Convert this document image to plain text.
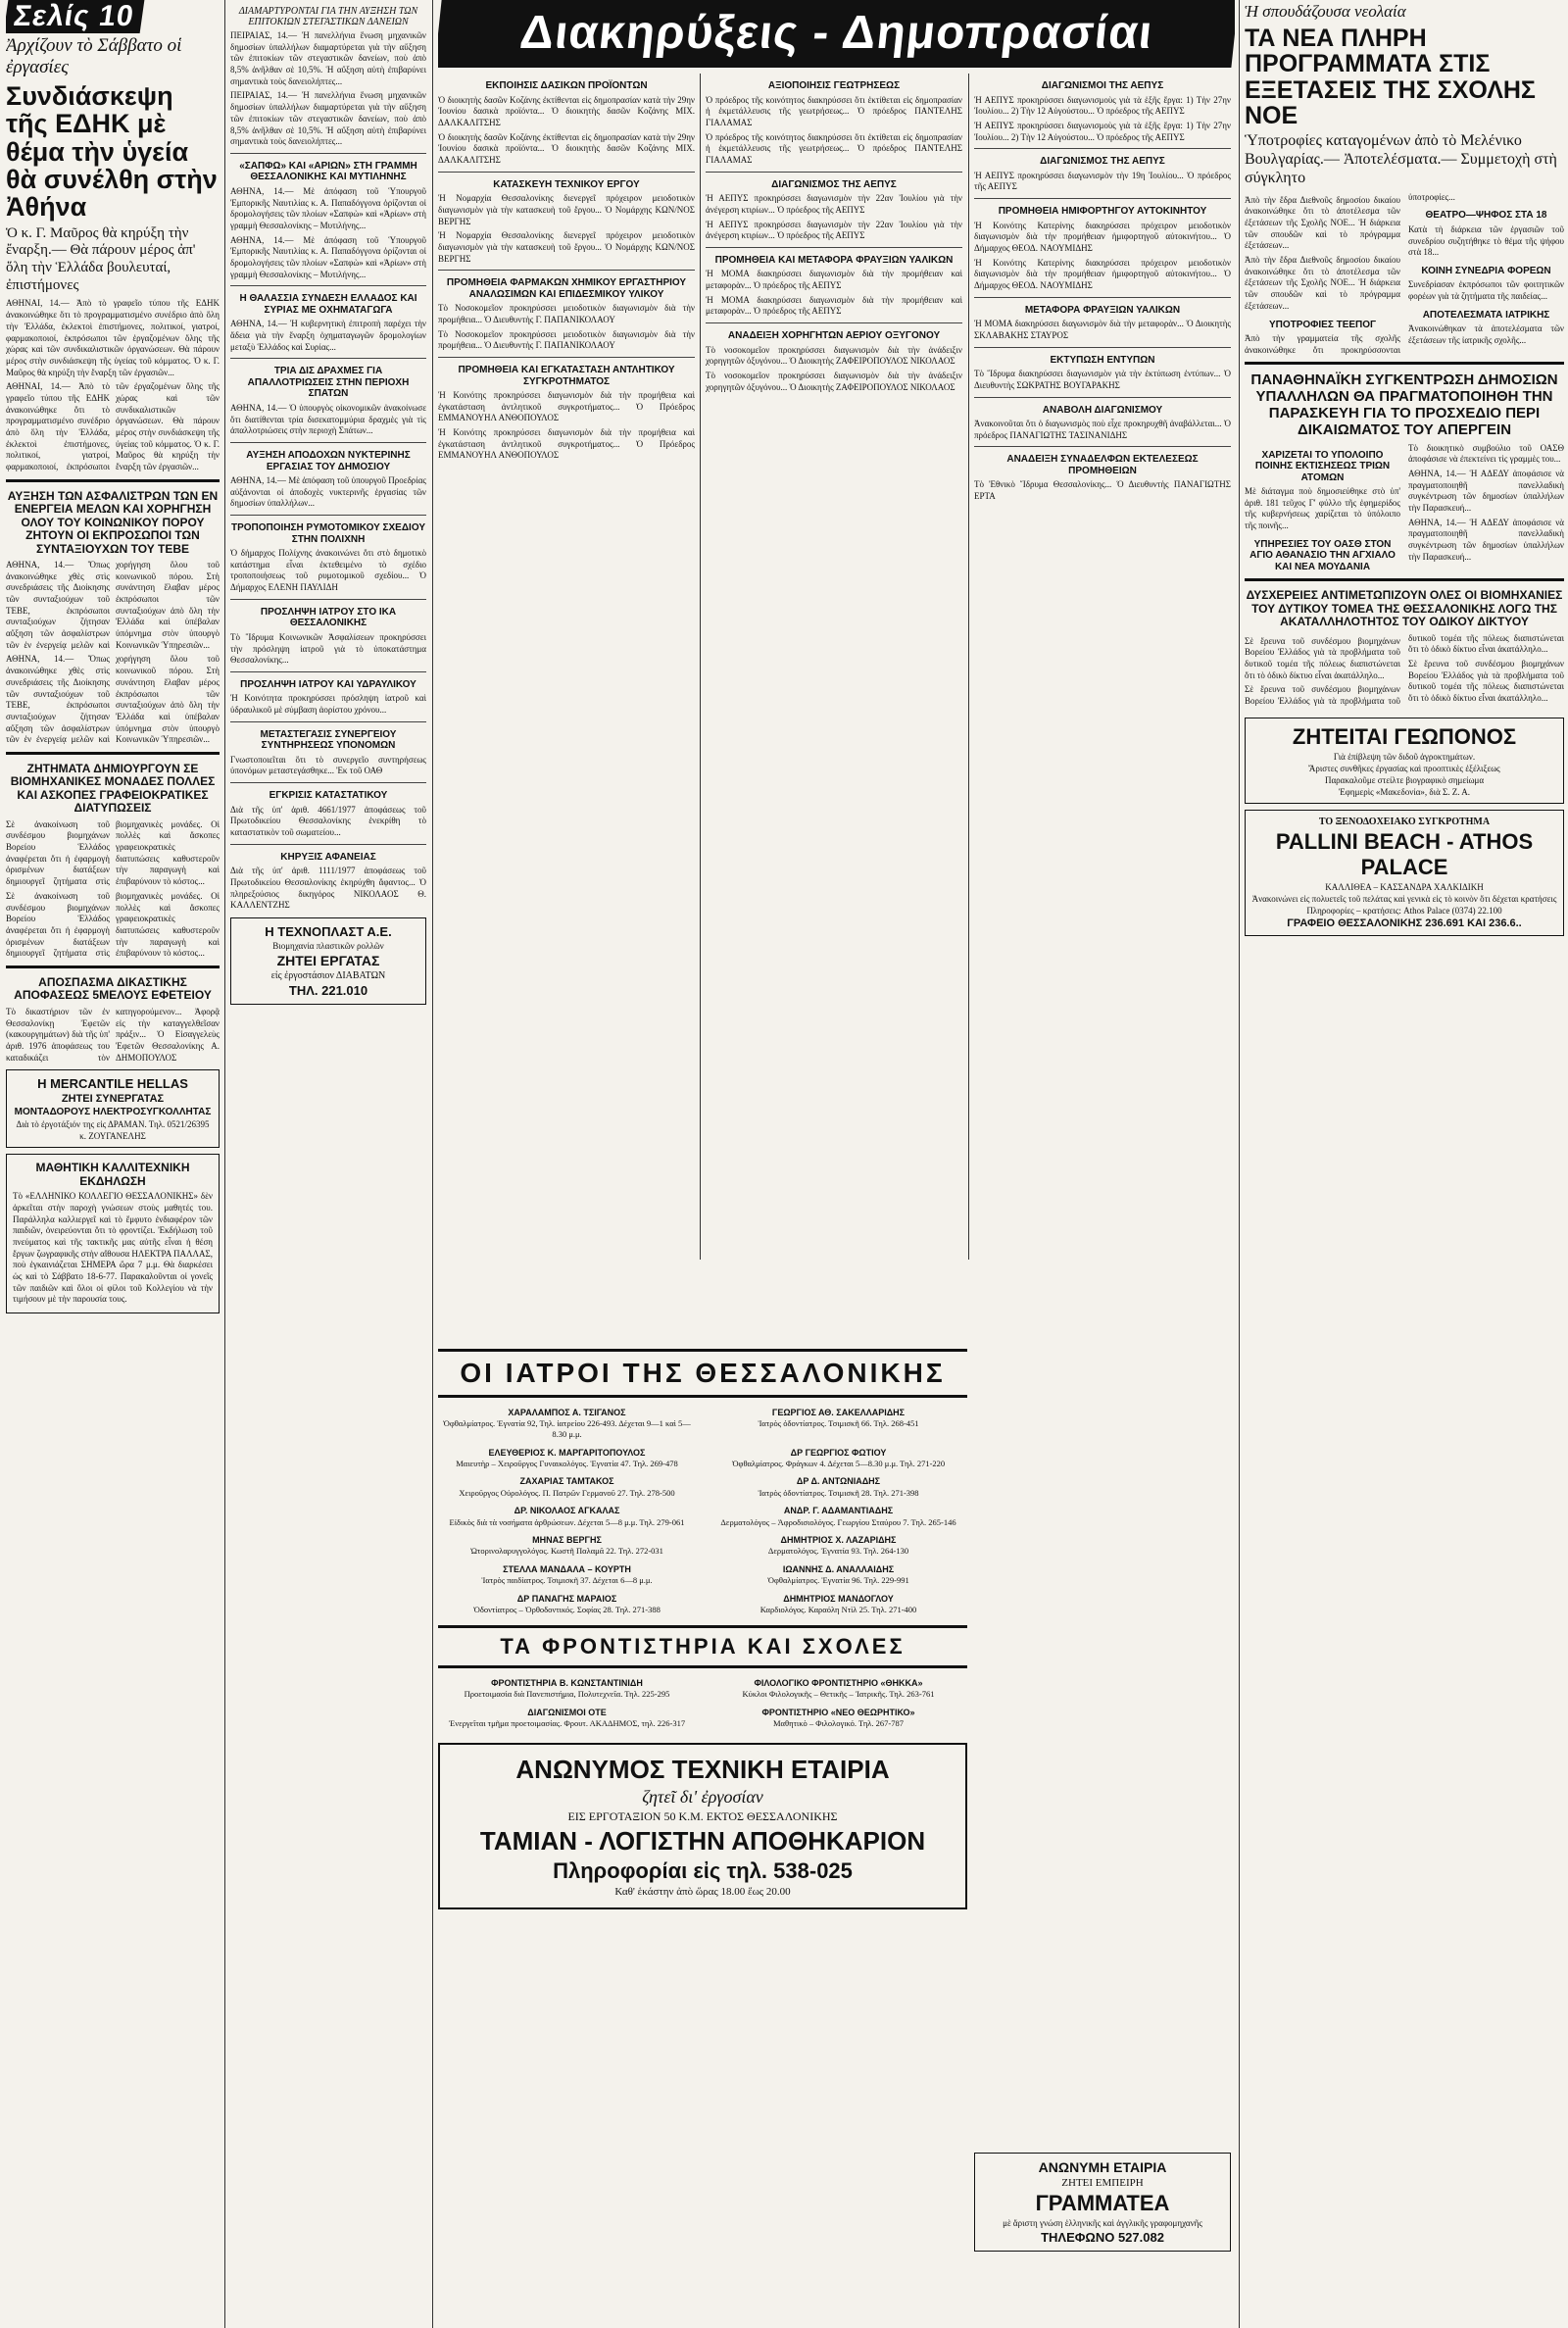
Σελίς 10
Ἀρχίζουν τὸ Σάββατο οἱ ἐργασίες
Συνδιάσκεψη τῆς ΕΔΗΚ μὲ θέμα τὴν ὑγεία θὰ συνέλθη στὴν Ἀθήνα
Ὁ κ. Γ. Μαῦρος θὰ κηρύξη τὴν ἔναρξη.— Θὰ πάρουν μέρος ἀπ' ὅλη τὴν Ἑλλάδα βουλευταί, ἐπιστήμονες
ΑΘΗΝΑΙ, 14.— Ἀπὸ τὸ γραφεῖο τύπου τῆς ΕΔΗΚ ἀνακοινώθηκε ὅτι τὸ προγραμματισμένο συνέδριο ἀπὸ ὅλη τὴν Ἑλλάδα, ἐκλεκτοὶ ἐπιστήμονες, πολιτικοί, γιατροί, φαρμακοποιοί, ἐκπρόσωποι τῶν ἐργαζομένων ὅλης τῆς χώρας καὶ τῶν συνδικαλιστικῶν ὀργανώσεων. Θὰ πάρουν μέρος στὴν συνδιάσκεψη τῆς ὑγείας τοῦ κόμματος. Ὁ κ. Γ. Μαῦρος θὰ κηρύξη τὴν ἔναρξη τῶν ἐργασιῶν...
ΑΘΗΝΑΙ, 14.— Ἀπὸ τὸ γραφεῖο τύπου τῆς ΕΔΗΚ ἀνακοινώθηκε ὅτι τὸ προγραμματισμένο συνέδριο ἀπὸ ὅλη τὴν Ἑλλάδα, ἐκλεκτοὶ ἐπιστήμονες, πολιτικοί, γιατροί, φαρμακοποιοί, ἐκπρόσωποι τῶν ἐργαζομένων ὅλης τῆς χώρας καὶ τῶν συνδικαλιστικῶν ὀργανώσεων. Θὰ πάρουν μέρος στὴν συνδιάσκεψη τῆς ὑγείας τοῦ κόμματος. Ὁ κ. Γ. Μαῦρος θὰ κηρύξη τὴν ἔναρξη τῶν ἐργασιῶν...
ΑΥΞΗΣΗ ΤΩΝ ΑΣΦΑΛΙΣΤΡΩΝ ΤΩΝ ΕΝ ΕΝΕΡΓΕΙΑ ΜΕΛΩΝ ΚΑΙ ΧΟΡΗΓΗΣΗ ΟΛΟΥ ΤΟΥ ΚΟΙΝΩΝΙΚΟΥ ΠΟΡΟΥ ΖΗΤΟΥΝ ΟΙ ΕΚΠΡΟΣΩΠΟΙ ΤΩΝ ΣΥΝΤΑΞΙΟΥΧΩΝ ΤΟΥ ΤΕΒΕ
ΑΘΗΝΑ, 14.— Ὅπως ἀνακοινώθηκε χθὲς στὶς συνεδριάσεις τῆς Διοίκησης τῶν συνταξιούχων τοῦ ΤΕΒΕ, ἐκπρόσωποι συνταξιούχων ζήτησαν αὔξηση τῶν ἀσφαλίστρων τῶν ἐν ἐνεργείᾳ μελῶν καὶ χορήγηση ὅλου τοῦ κοινωνικοῦ πόρου. Στὴ συνάντηση ἔλαβαν μέρος ἐκπρόσωποι τῶν συνταξιούχων ἀπὸ ὅλη τὴν Ἑλλάδα καὶ ὑπέβαλαν ὑπόμνημα στὸν ὑπουργὸ Κοινωνικῶν Ὑπηρεσιῶν...
ΑΘΗΝΑ, 14.— Ὅπως ἀνακοινώθηκε χθὲς στὶς συνεδριάσεις τῆς Διοίκησης τῶν συνταξιούχων τοῦ ΤΕΒΕ, ἐκπρόσωποι συνταξιούχων ζήτησαν αὔξηση τῶν ἀσφαλίστρων τῶν ἐν ἐνεργείᾳ μελῶν καὶ χορήγηση ὅλου τοῦ κοινωνικοῦ πόρου. Στὴ συνάντηση ἔλαβαν μέρος ἐκπρόσωποι τῶν συνταξιούχων ἀπὸ ὅλη τὴν Ἑλλάδα καὶ ὑπέβαλαν ὑπόμνημα στὸν ὑπουργὸ Κοινωνικῶν Ὑπηρεσιῶν...
ΖΗΤΗΜΑΤΑ ΔΗΜΙΟΥΡΓΟΥΝ ΣΕ ΒΙΟΜΗΧΑΝΙΚΕΣ ΜΟΝΑΔΕΣ ΠΟΛΛΕΣ ΚΑΙ ΑΣΚΟΠΕΣ ΓΡΑΦΕΙΟΚΡΑΤΙΚΕΣ ΔΙΑΤΥΠΩΣΕΙΣ
Σὲ ἀνακοίνωση τοῦ συνδέσμου βιομηχάνων Βορείου Ἑλλάδος ἀναφέρεται ὅτι ἡ ἐφαρμογὴ ὁρισμένων διατάξεων δημιουργεῖ ζητήματα στὶς βιομηχανικὲς μονάδες. Οἱ πολλὲς καὶ ἄσκοπες γραφειοκρατικὲς διατυπώσεις καθυστεροῦν τὴν παραγωγὴ καὶ ἐπιβαρύνουν τὸ κόστος...
Σὲ ἀνακοίνωση τοῦ συνδέσμου βιομηχάνων Βορείου Ἑλλάδος ἀναφέρεται ὅτι ἡ ἐφαρμογὴ ὁρισμένων διατάξεων δημιουργεῖ ζητήματα στὶς βιομηχανικὲς μονάδες. Οἱ πολλὲς καὶ ἄσκοπες γραφειοκρατικὲς διατυπώσεις καθυστεροῦν τὴν παραγωγὴ καὶ ἐπιβαρύνουν τὸ κόστος...
ΑΠΟΣΠΑΣΜΑ ΔΙΚΑΣΤΙΚΗΣ ΑΠΟΦΑΣΕΩΣ 5ΜΕΛΟΥΣ ΕΦΕΤΕΙΟΥ
Τὸ δικαστήριον τῶν ἐν Θεσσαλονίκῃ Ἐφετῶν (κακουργημάτων) διὰ τῆς ὑπ' ἀριθ. 1976 ἀποφάσεως του καταδικάζει τὸν κατηγορούμενον... Ἀφορᾷ εἰς τὴν καταγγελθεῖσαν πράξιν... Ὁ Εἰσαγγελεὺς Ἐφετῶν Θεσσαλονίκης Α. ΔΗΜΟΠΟΥΛΟΣ
Η MERCANTILE HELLAS
ΖΗΤΕΙ ΣΥΝΕΡΓΑΤΑΣ
ΜΟΝΤΑΔΟΡΟΥΣ ΗΛΕΚΤΡΟΣΥΓΚΟΛΛΗΤΑΣ
Διὰ τὸ ἐργοτάξιόν της εἰς ΔΡΑΜΑΝ. Τηλ. 0521/26395
κ. ΖΟΥΓΑΝΕΛΗΣ
ΜΑΘΗΤΙΚΗ ΚΑΛΛΙΤΕΧΝΙΚΗ ΕΚΔΗΛΩΣΗ
Τὸ «ΕΛΛΗΝΙΚΟ ΚΟΛΛΕΓΙΟ ΘΕΣΣΑΛΟΝΙΚΗΣ» δὲν ἀρκεῖται στὴν παροχὴ γνώσεων στοὺς μαθητές του. Παράλληλα καλλιεργεῖ καὶ τὸ ἔμφυτο ἐνδιαφέρον τῶν παιδιῶν, ὀνειρεύονται ὅτι τὸ φροντίζει. Ἐκδήλωση τοῦ πνεύματος καὶ τῆς τακτικῆς μας αὐτῆς εἶναι ἡ θέση ἔργων ζωγραφικῆς στὴν αἴθουσα ΗΛΕΚΤΡΑ ΠΑΛΛΑΣ, ποὺ ἐγκαινιάζεται ΣΗΜΕΡΑ ὥρα 7 μ.μ. Θὰ διαρκέσει ὡς καὶ τὸ Σάββατο 18-6-77. Παρακαλοῦνται οἱ γονεῖς τῶν παιδιῶν καὶ ὅλοι οἱ φίλοι τοῦ Κολλεγίου νὰ τὴν τιμήσουν μὲ τὴν παρουσία τους.
ΔΙΑΜΑΡΤΥΡΟΝΤΑΙ ΓΙΑ ΤΗΝ ΑΥΞΗΣΗ ΤΩΝ ΕΠΙΤΟΚΙΩΝ ΣΤΕΓΑΣΤΙΚΩΝ ΔΑΝΕΙΩΝ
ΠΕΙΡΑΙΑΣ, 14.— Ἡ πανελλήνια ἕνωση μηχανικῶν δημοσίων ὑπαλλήλων διαμαρτύρεται γιὰ τὴν αὔξηση τῶν ἐπιτοκίων τῶν στεγαστικῶν δανείων, ποὺ ἀπὸ 8,5% ἀνῆλθαν σὲ 10,5%. Ἡ αὔξηση αὐτὴ ἐπιβαρύνει σημαντικὰ τοὺς δανειολήπτες...
ΠΕΙΡΑΙΑΣ, 14.— Ἡ πανελλήνια ἕνωση μηχανικῶν δημοσίων ὑπαλλήλων διαμαρτύρεται γιὰ τὴν αὔξηση τῶν ἐπιτοκίων τῶν στεγαστικῶν δανείων, ποὺ ἀπὸ 8,5% ἀνῆλθαν σὲ 10,5%. Ἡ αὔξηση αὐτὴ ἐπιβαρύνει σημαντικὰ τοὺς δανειολήπτες...
«ΣΑΠΦΩ» ΚΑΙ «ΑΡΙΩΝ» ΣΤΗ ΓΡΑΜΜΗ ΘΕΣΣΑΛΟΝΙΚΗΣ ΚΑΙ ΜΥΤΙΛΗΝΗΣ
ΑΘΗΝΑ, 14.— Μὲ ἀπόφαση τοῦ Ὑπουργοῦ Ἐμπορικῆς Ναυτιλίας κ. Α. Παπαδόγγονα ὁρίζονται οἱ δρομολογήσεις τῶν πλοίων «Σαπφὼ» καὶ «Ἀρίων» στὴ γραμμὴ Θεσσαλονίκης – Μυτιλήνης...
ΑΘΗΝΑ, 14.— Μὲ ἀπόφαση τοῦ Ὑπουργοῦ Ἐμπορικῆς Ναυτιλίας κ. Α. Παπαδόγγονα ὁρίζονται οἱ δρομολογήσεις τῶν πλοίων «Σαπφὼ» καὶ «Ἀρίων» στὴ γραμμὴ Θεσσαλονίκης – Μυτιλήνης...
Η ΘΑΛΑΣΣΙΑ ΣΥΝΔΕΣΗ ΕΛΛΑΔΟΣ ΚΑΙ ΣΥΡΙΑΣ ΜΕ ΟΧΗΜΑΤΑΓΩΓΑ
ΑΘΗΝΑ, 14.— Ἡ κυβερνητικὴ ἐπιτροπὴ παρέχει τὴν ἄδεια γιὰ τὴν ἔναρξη ὀχηματαγωγῶν δρομολογίων μεταξὺ Ἑλλάδος καὶ Συρίας...
ΤΡΙΑ ΔΙΣ ΔΡΑΧΜΕΣ ΓΙΑ ΑΠΑΛΛΟΤΡΙΩΣΕΙΣ ΣΤΗΝ ΠΕΡΙΟΧΗ ΣΠΑΤΩΝ
ΑΘΗΝΑ, 14.— Ὁ ὑπουργὸς οἰκονομικῶν ἀνακοίνωσε ὅτι διατίθενται τρία δισεκατομμύρια δραχμὲς γιὰ τὶς ἀπαλλοτριώσεις στὴν περιοχὴ Σπάτων...
ΑΥΞΗΣΗ ΑΠΟΔΟΧΩΝ ΝΥΚΤΕΡΙΝΗΣ ΕΡΓΑΣΙΑΣ ΤΟΥ ΔΗΜΟΣΙΟΥ
ΑΘΗΝΑ, 14.— Μὲ ἀπόφαση τοῦ ὑπουργοῦ Προεδρίας αὐξάνονται οἱ ἀποδοχὲς νυκτερινῆς ἐργασίας τῶν δημοσίων ὑπαλλήλων...
ΤΡΟΠΟΠΟΙΗΣΗ ΡΥΜΟΤΟΜΙΚΟΥ ΣΧΕΔΙΟΥ ΣΤΗΝ ΠΟΛΙΧΝΗ
Ὁ δήμαρχος Πολίχνης ἀνακοινώνει ὅτι στὸ δημοτικὸ κατάστημα εἶναι ἐκτεθειμένο τὸ σχέδιο τροποποιήσεως τοῦ ρυμοτομικοῦ σχεδίου... Ὁ Δήμαρχος ΕΛΕΝΗ ΠΑΥΛΙΔΗ
ΠΡΟΣΛΗΨΗ ΙΑΤΡΟΥ ΣΤΟ ΙΚΑ ΘΕΣΣΑΛΟΝΙΚΗΣ
Τὸ Ἵδρυμα Κοινωνικῶν Ἀσφαλίσεων προκηρύσσει τὴν πρόσληψη ἰατροῦ γιὰ τὸ ὑποκατάστημα Θεσσαλονίκης...
ΠΡΟΣΛΗΨΗ ΙΑΤΡΟΥ ΚΑΙ ΥΔΡΑΥΛΙΚΟΥ
Ἡ Κοινότητα προκηρύσσει πρόσληψη ἰατροῦ καὶ ὑδραυλικοῦ μὲ σύμβαση ἀορίστου χρόνου...
ΜΕΤΑΣΤΕΓΑΣΙΣ ΣΥΝΕΡΓΕΙΟΥ ΣΥΝΤΗΡΗΣΕΩΣ ΥΠΟΝΟΜΩΝ
Γνωστοποιεῖται ὅτι τὸ συνεργεῖο συντηρήσεως ὑπονόμων μεταστεγάσθηκε... Ἐκ τοῦ ΟΑΘ
ΕΓΚΡΙΣΙΣ ΚΑΤΑΣΤΑΤΙΚΟΥ
Διὰ τῆς ὑπ' ἀριθ. 4661/1977 ἀποφάσεως τοῦ Πρωτοδικείου Θεσσαλονίκης ἐνεκρίθη τὸ καταστατικὸν τοῦ σωματείου...
ΚΗΡΥΞΙΣ ΑΦΑΝΕΙΑΣ
Διὰ τῆς ὑπ' ἀριθ. 1111/1977 ἀποφάσεως τοῦ Πρωτοδικείου Θεσσαλονίκης ἐκηρύχθη ἄφαντος... Ὁ πληρεξούσιος δικηγόρος ΝΙΚΟΛΑΟΣ Θ. ΚΑΛΛΕΝΤΖΗΣ
Η ΤΕΧΝΟΠΛΑΣΤ Α.Ε.
Βιομηχανία πλαστικῶν ρολλῶν
ΖΗΤΕΙ ΕΡΓΑΤΑΣ
εἰς ἐργοστάσιον ΔΙΑΒΑΤΩΝ
ΤΗΛ. 221.010
Διακηρύξεις - Δημοπρασίαι
ΕΚΠΟΙΗΣΙΣ ΔΑΣΙΚΩΝ ΠΡΟΪΟΝΤΩΝ
Ὁ διοικητὴς δασῶν Κοζάνης ἐκτίθενται εἰς δημοπρασίαν κατὰ τὴν 29ην Ἰουνίου δασικὰ προϊόντα... Ὁ διοικητὴς δασῶν Κοζάνης ΜΙΧ. ΔΑΛΚΑΛΙΤΣΗΣ
Ὁ διοικητὴς δασῶν Κοζάνης ἐκτίθενται εἰς δημοπρασίαν κατὰ τὴν 29ην Ἰουνίου δασικὰ προϊόντα... Ὁ διοικητὴς δασῶν Κοζάνης ΜΙΧ. ΔΑΛΚΑΛΙΤΣΗΣ
ΚΑΤΑΣΚΕΥΗ ΤΕΧΝΙΚΟΥ ΕΡΓΟΥ
Ἡ Νομαρχία Θεσσαλονίκης διενεργεῖ πρόχειρον μειοδοτικὸν διαγωνισμὸν γιὰ τὴν κατασκευὴ τοῦ ἔργου... Ὁ Νομάρχης ΚΩΝ/ΝΟΣ ΒΕΡΓΗΣ
Ἡ Νομαρχία Θεσσαλονίκης διενεργεῖ πρόχειρον μειοδοτικὸν διαγωνισμὸν γιὰ τὴν κατασκευὴ τοῦ ἔργου... Ὁ Νομάρχης ΚΩΝ/ΝΟΣ ΒΕΡΓΗΣ
ΠΡΟΜΗΘΕΙΑ ΦΑΡΜΑΚΩΝ ΧΗΜΙΚΟΥ ΕΡΓΑΣΤΗΡΙΟΥ ΑΝΑΛΩΣΙΜΩΝ ΚΑΙ ΕΠΙΔΕΣΜΙΚΟΥ ΥΛΙΚΟΥ
Τὸ Νοσοκομεῖον προκηρύσσει μειοδοτικὸν διαγωνισμὸν διὰ τὴν προμήθεια... Ὁ Διευθυντὴς Γ. ΠΑΠΑΝΙΚΟΛΑΟΥ
Τὸ Νοσοκομεῖον προκηρύσσει μειοδοτικὸν διαγωνισμὸν διὰ τὴν προμήθεια... Ὁ Διευθυντὴς Γ. ΠΑΠΑΝΙΚΟΛΑΟΥ
ΠΡΟΜΗΘΕΙΑ ΚΑΙ ΕΓΚΑΤΑΣΤΑΣΗ ΑΝΤΛΗΤΙΚΟΥ ΣΥΓΚΡΟΤΗΜΑΤΟΣ
Ἡ Κοινότης προκηρύσσει διαγωνισμὸν διὰ τὴν προμήθεια καὶ ἐγκατάσταση ἀντλητικοῦ συγκροτήματος... Ὁ Πρόεδρος ΕΜΜΑΝΟΥΗΛ ΑΝΘΟΠΟΥΛΟΣ
Ἡ Κοινότης προκηρύσσει διαγωνισμὸν διὰ τὴν προμήθεια καὶ ἐγκατάσταση ἀντλητικοῦ συγκροτήματος... Ὁ Πρόεδρος ΕΜΜΑΝΟΥΗΛ ΑΝΘΟΠΟΥΛΟΣ
ΑΞΙΟΠΟΙΗΣΙΣ ΓΕΩΤΡΗΣΕΩΣ
Ὁ πρόεδρος τῆς κοινότητος διακηρύσσει ὅτι ἐκτίθεται εἰς δημοπρασίαν ἡ ἐκμετάλλευσις τῆς γεωτρήσεως... Ὁ πρόεδρος ΠΑΝΤΕΛΗΣ ΓΙΑΛΑΜΑΣ
Ὁ πρόεδρος τῆς κοινότητος διακηρύσσει ὅτι ἐκτίθεται εἰς δημοπρασίαν ἡ ἐκμετάλλευσις τῆς γεωτρήσεως... Ὁ πρόεδρος ΠΑΝΤΕΛΗΣ ΓΙΑΛΑΜΑΣ
ΔΙΑΓΩΝΙΣΜΟΣ ΤΗΣ ΑΕΠΥΣ
Ἡ ΑΕΠΥΣ προκηρύσσει διαγωνισμὸν τὴν 22αν Ἰουλίου γιὰ τὴν ἀνέγερση κτιρίων... Ὁ πρόεδρος τῆς ΑΕΠΥΣ
Ἡ ΑΕΠΥΣ προκηρύσσει διαγωνισμὸν τὴν 22αν Ἰουλίου γιὰ τὴν ἀνέγερση κτιρίων... Ὁ πρόεδρος τῆς ΑΕΠΥΣ
ΠΡΟΜΗΘΕΙΑ ΚΑΙ ΜΕΤΑΦΟΡΑ ΦΡΑΥΞΙΩΝ ΥΑΛΙΚΩΝ
Ἡ ΜΟΜΑ διακηρύσσει διαγωνισμὸν διὰ τὴν προμήθειαν καὶ μεταφορὰν... Ὁ πρόεδρος τῆς ΑΕΠΥΣ
Ἡ ΜΟΜΑ διακηρύσσει διαγωνισμὸν διὰ τὴν προμήθειαν καὶ μεταφορὰν... Ὁ πρόεδρος τῆς ΑΕΠΥΣ
ΑΝΑΔΕΙΞΗ ΧΟΡΗΓΗΤΩΝ ΑΕΡΙΟΥ ΟΞΥΓΟΝΟΥ
Τὸ νοσοκομεῖον προκηρύσσει διαγωνισμὸν διὰ τὴν ἀνάδειξιν χορηγητῶν ὀξυγόνου... Ὁ Διοικητὴς ΖΑΦΕΙΡΟΠΟΥΛΟΣ ΝΙΚΟΛΑΟΣ
Τὸ νοσοκομεῖον προκηρύσσει διαγωνισμὸν διὰ τὴν ἀνάδειξιν χορηγητῶν ὀξυγόνου... Ὁ Διοικητὴς ΖΑΦΕΙΡΟΠΟΥΛΟΣ ΝΙΚΟΛΑΟΣ
ΔΙΑΓΩΝΙΣΜΟΙ ΤΗΣ ΑΕΠΥΣ
Ἡ ΑΕΠΥΣ προκηρύσσει διαγωνισμοὺς γιὰ τὰ ἑξῆς ἔργα: 1) Τὴν 27ην Ἰουλίου... 2) Τὴν 12 Αὐγούστου... Ὁ πρόεδρος τῆς ΑΕΠΥΣ
Ἡ ΑΕΠΥΣ προκηρύσσει διαγωνισμοὺς γιὰ τὰ ἑξῆς ἔργα: 1) Τὴν 27ην Ἰουλίου... 2) Τὴν 12 Αὐγούστου... Ὁ πρόεδρος τῆς ΑΕΠΥΣ
ΔΙΑΓΩΝΙΣΜΟΣ ΤΗΣ ΑΕΠΥΣ
Ἡ ΑΕΠΥΣ προκηρύσσει διαγωνισμὸν τὴν 19η Ἰουλίου... Ὁ πρόεδρος τῆς ΑΕΠΥΣ
ΠΡΟΜΗΘΕΙΑ ΗΜΙΦΟΡΤΗΓΟΥ ΑΥΤΟΚΙΝΗΤΟΥ
Ἡ Κοινότης Κατερίνης διακηρύσσει πρόχειρον μειοδοτικὸν διαγωνισμὸν διὰ τὴν προμήθειαν ἡμιφορτηγοῦ αὐτοκινήτου... Ὁ Δήμαρχος ΘΕΟΔ. ΝΑΟΥΜΙΔΗΣ
Ἡ Κοινότης Κατερίνης διακηρύσσει πρόχειρον μειοδοτικὸν διαγωνισμὸν διὰ τὴν προμήθειαν ἡμιφορτηγοῦ αὐτοκινήτου... Ὁ Δήμαρχος ΘΕΟΔ. ΝΑΟΥΜΙΔΗΣ
ΜΕΤΑΦΟΡΑ ΦΡΑΥΞΙΩΝ ΥΑΛΙΚΩΝ
Ἡ ΜΟΜΑ διακηρύσσει διαγωνισμὸν διὰ τὴν μεταφορὰν... Ὁ Διοικητὴς ΣΚΛΑΒΑΚΗΣ ΣΤΑΥΡΟΣ
ΕΚΤΥΠΩΣΗ ΕΝΤΥΠΩΝ
Τὸ Ἵδρυμα διακηρύσσει διαγωνισμὸν γιὰ τὴν ἐκτύπωση ἐντύπων... Ὁ Διευθυντὴς ΣΩΚΡΑΤΗΣ ΒΟΥΓΑΡΑΚΗΣ
ΑΝΑΒΟΛΗ ΔΙΑΓΩΝΙΣΜΟΥ
Ἀνακοινοῦται ὅτι ὁ διαγωνισμὸς ποὺ εἶχε προκηρυχθῆ ἀναβάλλεται... Ὁ πρόεδρος ΠΑΝΑΓΙΩΤΗΣ ΤΑΣΙΝΑΝΙΔΗΣ
ΑΝΑΔΕΙΞΗ ΣΥΝΑΔΕΛΦΩΝ ΕΚΤΕΛΕΣΕΩΣ ΠΡΟΜΗΘΕΙΩΝ
Τὸ Ἐθνικὸ Ἵδρυμα Θεσσαλονίκης... Ὁ Διευθυντὴς ΠΑΝΑΓΙΩΤΗΣ ΕΡΤΑ
ΟΙ ΙΑΤΡΟΙ ΤΗΣ ΘΕΣΣΑΛΟΝΙΚΗΣ
ΧΑΡΑΛΑΜΠΟΣ Α. ΤΣΙΓΑΝΟΣ
Ὀφθαλμίατρος. Ἐγνατία 92, Τηλ. ἰατρείου 226-493. Δέχεται 9—1 καὶ 5—8.30 μ.μ.
ΓΕΩΡΓΙΟΣ ΑΘ. ΣΑΚΕΛΛΑΡΙΔΗΣ
Ἰατρὸς ὀδοντίατρος. Τσιμισκῆ 66. Τηλ. 268-451
ΕΛΕΥΘΕΡΙΟΣ Κ. ΜΑΡΓΑΡΙΤΟΠΟΥΛΟΣ
Μαιευτὴρ – Χειροῦργος Γυναικολόγος. Ἐγνατία 47. Τηλ. 269-478
ΔΡ ΓΕΩΡΓΙΟΣ ΦΩΤΙΟΥ
Ὀφθαλμίατρος. Φράγκων 4. Δέχεται 5—8.30 μ.μ. Τηλ. 271-220
ΖΑΧΑΡΙΑΣ ΤΑΜΤΑΚΟΣ
Χειροῦργος Οὐρολόγος. Π. Πατρῶν Γερμανοῦ 27. Τηλ. 278-500
ΔΡ Δ. ΑΝΤΩΝΙΑΔΗΣ
Ἰατρὸς ὀδοντίατρος. Τσιμισκῆ 28. Τηλ. 271-398
ΔΡ. ΝΙΚΟΛΑΟΣ ΑΓΚΑΛΑΣ
Εἰδικὸς διὰ τὰ νοσήματα ἀρθρώσεων. Δέχεται 5—8 μ.μ. Τηλ. 279-061
ΑΝΔΡ. Γ. ΑΔΑΜΑΝΤΙΑΔΗΣ
Δερματολόγος – Ἀφροδισιολόγος. Γεωργίου Σταύρου 7. Τηλ. 265-146
ΜΗΝΑΣ ΒΕΡΓΗΣ
Ὠτορινολαρυγγολόγος. Κωστῆ Παλαμᾶ 22. Τηλ. 272-031
ΔΗΜΗΤΡΙΟΣ Χ. ΛΑΖΑΡΙΔΗΣ
Δερματολόγος. Ἐγνατία 93. Τηλ. 264-130
ΣΤΕΛΛΑ ΜΑΝΔΑΛΑ – ΚΟΥΡΤΗ
Ἰατρὸς παιδίατρος. Τσιμισκῆ 37. Δέχεται 6—8 μ.μ.
ΙΩΑΝΝΗΣ Δ. ΑΝΑΛΛΑΙΔΗΣ
Ὀφθαλμίατρος. Ἐγνατία 96. Τηλ. 229-991
ΔΡ ΠΑΝΑΓΗΣ ΜΑΡΑΙΟΣ
Ὀδοντίατρος – Ὀρθοδοντικός. Σοφίας 28. Τηλ. 271-388
ΔΗΜΗΤΡΙΟΣ ΜΑΝΔΟΓΛΟΥ
Καρδιολόγος. Καραόλη Ντὶλ 25. Τηλ. 271-400
ΤΑ ΦΡΟΝΤΙΣΤΗΡΙΑ ΚΑΙ ΣΧΟΛΕΣ
ΦΡΟΝΤΙΣΤΗΡΙΑ Β. ΚΩΝΣΤΑΝΤΙΝΙΔΗ
Προετοιμασία διὰ Πανεπιστήμια, Πολυτεχνεῖα. Τηλ. 225-295
ΦΙΛΟΛΟΓΙΚΟ ΦΡΟΝΤΙΣΤΗΡΙΟ «ΘΗΚΚΑ»
Κύκλοι Φιλολογικῆς – Θετικῆς – Ἰατρικῆς. Τηλ. 263-761
ΔΙΑΓΩΝΙΣΜΟΙ ΟΤΕ
Ἐνεργεῖται τμῆμα προετοιμασίας. Φρουτ. ΑΚΑΔΗΜΟΣ, τηλ. 226-317
ΦΡΟΝΤΙΣΤΗΡΙΟ «ΝΕΟ ΘΕΩΡΗΤΙΚΟ»
Μαθητικὸ – Φιλολογικό. Τηλ. 267-787
ΑΝΩΝΥΜΟΣ ΤΕΧΝΙΚΗ ΕΤΑΙΡΙΑ
ζητεῖ δι' ἐργοσίαν
ΕΙΣ ΕΡΓΟΤΑΞΙΟΝ 50 Κ.Μ. ΕΚΤΟΣ ΘΕΣΣΑΛΟΝΙΚΗΣ
ΤΑΜΙΑΝ - ΛΟΓΙΣΤΗΝ ΑΠΟΘΗΚΑΡΙΟΝ
Πληροφορίαι εἰς τηλ. 538-025
Καθ' ἑκάστην ἀπὸ ὥρας 18.00 ἕως 20.00
ΑΝΩΝΥΜΗ ΕΤΑΙΡΙΑ
ΖΗΤΕΙ ΕΜΠΕΙΡΗ
ΓΡΑΜΜΑΤΕΑ
μὲ ἄριστη γνώση ἑλληνικῆς καὶ ἀγγλικῆς γραφομηχανῆς
ΤΗΛΕΦΩΝΟ 527.082
Ἡ σπουδάζουσα νεολαία
ΤΑ ΝΕΑ ΠΛΗΡΗ ΠΡΟΓΡΑΜΜΑΤΑ ΣΤΙΣ ΕΞΕΤΑΣΕΙΣ ΤΗΣ ΣΧΟΛΗΣ ΝΟΕ
Ὑποτροφίες καταγομένων ἀπὸ τὸ Μελένικο Βουλγαρίας.— Ἀποτελέσματα.— Συμμετοχὴ στὴ σύγκλητο
Ἀπὸ τὴν ἕδρα Διεθνοῦς δημοσίου δικαίου ἀνακοινώθηκε ὅτι τὸ ἀποτέλεσμα τῶν ἐξετάσεων τῆς Σχολῆς ΝΟΕ... Ἡ διάρκεια τῶν σπουδῶν καὶ τὸ πρόγραμμα ἐξετάσεων...
Ἀπὸ τὴν ἕδρα Διεθνοῦς δημοσίου δικαίου ἀνακοινώθηκε ὅτι τὸ ἀποτέλεσμα τῶν ἐξετάσεων τῆς Σχολῆς ΝΟΕ... Ἡ διάρκεια τῶν σπουδῶν καὶ τὸ πρόγραμμα ἐξετάσεων...
ΥΠΟΤΡΟΦΙΕΣ ΤΕΕΠΟΓ
Ἀπὸ τὴν γραμματεία τῆς σχολῆς ἀνακοινώθηκε ὅτι προκηρύσσονται ὑποτροφίες...
ΘΕΑΤΡΟ—ΨΗΦΟΣ ΣΤΑ 18
Κατὰ τὴ διάρκεια τῶν ἐργασιῶν τοῦ συνεδρίου συζητήθηκε τὸ θέμα τῆς ψήφου στὰ 18...
ΚΟΙΝΗ ΣΥΝΕΔΡΙΑ ΦΟΡΕΩΝ
Συνεδρίασαν ἐκπρόσωποι τῶν φοιτητικῶν φορέων γιὰ τὰ ζητήματα τῆς παιδείας...
ΑΠΟΤΕΛΕΣΜΑΤΑ ΙΑΤΡΙΚΗΣ
Ἀνακοινώθηκαν τὰ ἀποτελέσματα τῶν ἐξετάσεων τῆς ἰατρικῆς σχολῆς...
ΠΑΝΑΘΗΝΑΪΚΗ ΣΥΓΚΕΝΤΡΩΣΗ ΔΗΜΟΣΙΩΝ ΥΠΑΛΛΗΛΩΝ ΘΑ ΠΡΑΓΜΑΤΟΠΟΙΗΘΗ ΤΗΝ ΠΑΡΑΣΚΕΥΗ ΓΙΑ ΤΟ ΠΡΟΣΧΕΔΙΟ ΠΕΡΙ ΔΙΚΑΙΩΜΑΤΟΣ ΤΟΥ ΑΠΕΡΓΕΙΝ
ΧΑΡΙΖΕΤΑΙ ΤΟ ΥΠΟΛΟΙΠΟ ΠΟΙΝΗΣ ΕΚΤΙΣΗΣΕΩΣ ΤΡΙΩΝ ΑΤΟΜΩΝ
Μὲ διάταγμα ποὺ δημοσιεύθηκε στὸ ὑπ' ἀριθ. 181 τεῦχος Γ' φύλλο τῆς ἐφημερίδος τῆς κυβερνήσεως χαρίζεται τὸ ὑπόλοιπο τῆς ποινῆς...
ΥΠΗΡΕΣΙΕΣ ΤΟΥ ΟΑΣΘ ΣΤΟΝ ΑΓΙΟ ΑΘΑΝΑΣΙΟ ΤΗΝ ΑΓΧΙΑΛΟ ΚΑΙ ΝΕΑ ΜΟΥΔΑΝΙΑ
Τὸ διοικητικὸ συμβούλιο τοῦ ΟΑΣΘ ἀποφάσισε νὰ ἐπεκτείνει τὶς γραμμὲς του...
ΑΘΗΝΑ, 14.— Ἡ ΑΔΕΔΥ ἀποφάσισε νὰ πραγματοποιηθῆ πανελλαδικὴ συγκέντρωση τῶν δημοσίων ὑπαλλήλων τὴν Παρασκευή...
ΑΘΗΝΑ, 14.— Ἡ ΑΔΕΔΥ ἀποφάσισε νὰ πραγματοποιηθῆ πανελλαδικὴ συγκέντρωση τῶν δημοσίων ὑπαλλήλων τὴν Παρασκευή...
ΔΥΣΧΕΡΕΙΕΣ ΑΝΤΙΜΕΤΩΠΙΖΟΥΝ ΟΛΕΣ ΟΙ ΒΙΟΜΗΧΑΝΙΕΣ ΤΟΥ ΔΥΤΙΚΟΥ ΤΟΜΕΑ ΤΗΣ ΘΕΣΣΑΛΟΝΙΚΗΣ ΛΟΓΩ ΤΗΣ ΑΚΑΤΑΛΛΗΛΟΤΗΤΟΣ ΤΟΥ ΟΔΙΚΟΥ ΔΙΚΤΥΟΥ
Σὲ ἔρευνα τοῦ συνδέσμου βιομηχάνων Βορείου Ἑλλάδος γιὰ τὰ προβλήματα τοῦ δυτικοῦ τομέα τῆς πόλεως διαπιστώνεται ὅτι τὸ ὁδικὸ δίκτυο εἶναι ἀκατάλληλο...
Σὲ ἔρευνα τοῦ συνδέσμου βιομηχάνων Βορείου Ἑλλάδος γιὰ τὰ προβλήματα τοῦ δυτικοῦ τομέα τῆς πόλεως διαπιστώνεται ὅτι τὸ ὁδικὸ δίκτυο εἶναι ἀκατάλληλο...
Σὲ ἔρευνα τοῦ συνδέσμου βιομηχάνων Βορείου Ἑλλάδος γιὰ τὰ προβλήματα τοῦ δυτικοῦ τομέα τῆς πόλεως διαπιστώνεται ὅτι τὸ ὁδικὸ δίκτυο εἶναι ἀκατάλληλο...
ΖΗΤΕΙΤΑΙ ΓΕΩΠΟΝΟΣ
Γιὰ ἐπίβλεψη τῶν διδοῦ ἀγροκτημάτων.
Ἄριστες συνθῆκες ἐργασίας καὶ προοπτικὲς ἐξέλιξεως
Παρακαλοῦμε στείλτε βιογραφικὸ σημείωμα
Ἐφημερὶς «Μακεδονία», διὰ Σ. Ζ. Α.
ΤΟ ΞΕΝΟΔΟΧΕΙΑΚΟ ΣΥΓΚΡΟΤΗΜΑ
PALLINI BEACH - ATHOS PALACE
ΚΑΛΛΙΘΕΑ – ΚΑΣΣΑΝΔΡΑ ΧΑΛΚΙΔΙΚΗ
Ἀνακοινώνει εἰς πολυετεῖς τοῦ πελάτας καὶ γενικὰ εἰς τὸ κοινὸν ὅτι δέχεται κρατήσεις
Πληροφορίες – κρατήσεις: Athos Palace (0374) 22.100
ΓΡΑΦΕΙΟ ΘΕΣΣΑΛΟΝΙΚΗΣ 236.691 ΚΑΙ 236.6..
